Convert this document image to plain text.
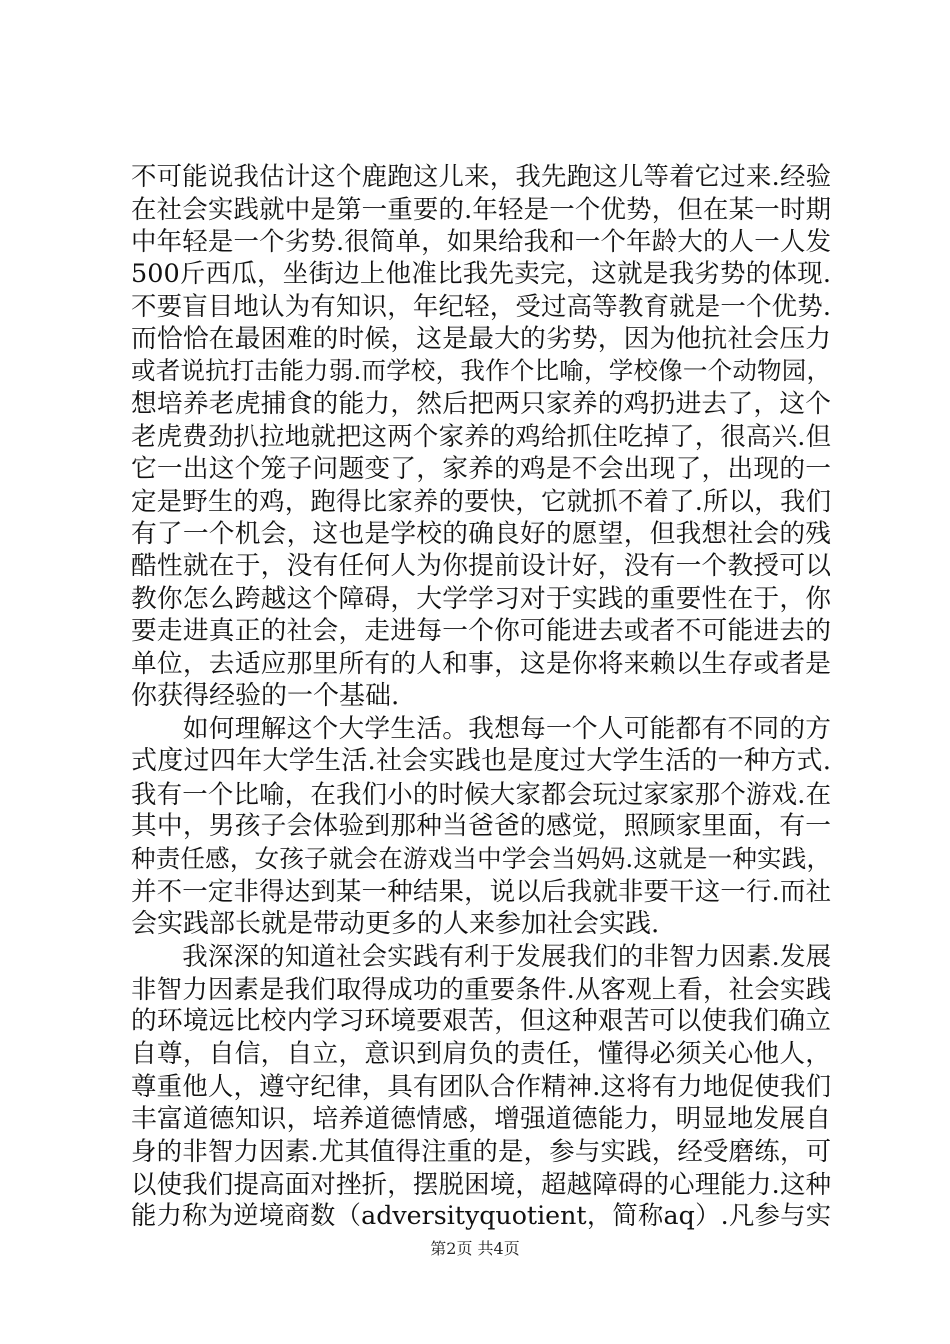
不可能说我估计这个鹿跑这儿来，我先跑这儿等着它过来.经验
在社会实践就中是第一重要的.年轻是一个优势，但在某一时期
中年轻是一个劣势.很简单，如果给我和一个年龄大的人一人发
500斤西瓜，坐街边上他准比我先卖完，这就是我劣势的体现.
不要盲目地认为有知识，年纪轻，受过高等教育就是一个优势.
而恰恰在最困难的时候，这是最大的劣势，因为他抗社会压力
或者说抗打击能力弱.而学校，我作个比喻，学校像一个动物园，
想培养老虎捕食的能力，然后把两只家养的鸡扔进去了，这个
老虎费劲扒拉地就把这两个家养的鸡给抓住吃掉了，很高兴.但
它一出这个笼子问题变了，家养的鸡是不会出现了，出现的一
定是野生的鸡，跑得比家养的要快，它就抓不着了.所以，我们
有了一个机会，这也是学校的确良好的愿望，但我想社会的残
酷性就在于，没有任何人为你提前设计好，没有一个教授可以
教你怎么跨越这个障碍，大学学习对于实践的重要性在于，你
要走进真正的社会，走进每一个你可能进去或者不可能进去的
单位，去适应那里所有的人和事，这是你将来赖以生存或者是
你获得经验的一个基础.
　　如何理解这个大学生活。我想每一个人可能都有不同的方
式度过四年大学生活.社会实践也是度过大学生活的一种方式.
我有一个比喻，在我们小的时候大家都会玩过家家那个游戏.在
其中，男孩子会体验到那种当爸爸的感觉，照顾家里面，有一
种责任感，女孩子就会在游戏当中学会当妈妈.这就是一种实践，
并不一定非得达到某一种结果，说以后我就非要干这一行.而社
会实践部长就是带动更多的人来参加社会实践.
　　我深深的知道社会实践有利于发展我们的非智力因素.发展
非智力因素是我们取得成功的重要条件.从客观上看，社会实践
的环境远比校内学习环境要艰苦，但这种艰苦可以使我们确立
自尊，自信，自立，意识到肩负的责任，懂得必须关心他人，
尊重他人，遵守纪律，具有团队合作精神.这将有力地促使我们
丰富道德知识，培养道德情感，增强道德能力，明显地发展自
身的非智力因素.尤其值得注重的是，参与实践，经受磨练，可
以使我们提高面对挫折，摆脱困境，超越障碍的心理能力.这种
能力称为逆境商数（adversityquotient，简称aq）.凡参与实
第2页 共4页
